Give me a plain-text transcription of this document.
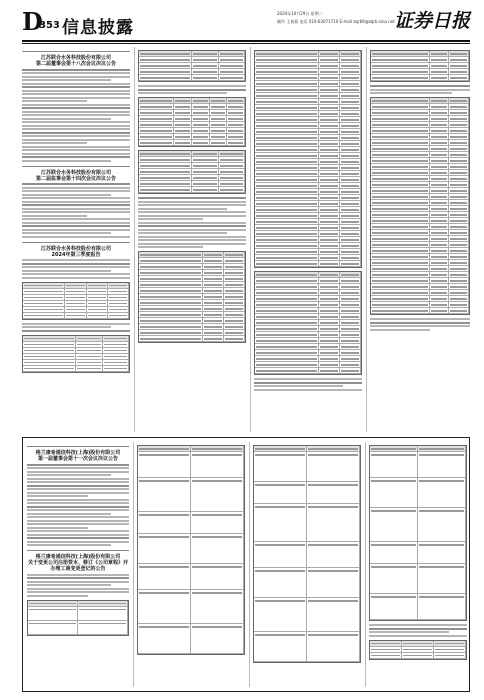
D
353 信息披露
2024年10月29日 星期二
制作 王春燕 电话 010-63071710 E-mail zqrb9@zqrb.sina.net 证券日报
江苏联合水务科技股份有限公司
第二届董事会第十八次会议决议公告
江苏联合水务科技股份有限公司
第二届监事会第十四次会议决议公告
江苏联合水务科技股份有限公司
2024年第三季度报告
格兰康希通信科技(上海)股份有限公司
第一届董事会第十一次会议决议公告
格兰康希通信科技(上海)股份有限公司
关于变更公司注册资本、修订《公司章程》并办理工商变更登记的公告
